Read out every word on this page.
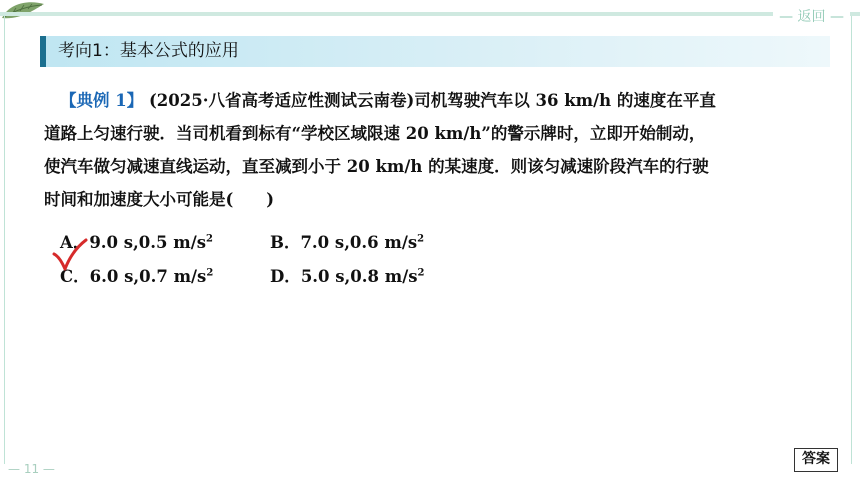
— 返回 —
考向1：基本公式的应用
【典例 1】 (2025·八省高考适应性测试云南卷)司机驾驶汽车以 36 km/h 的速度在平直
道路上匀速行驶．当司机看到标有“学校区域限速 20 km/h”的警示牌时，立即开始制动，
使汽车做匀减速直线运动，直至减到小于 20 km/h 的某速度．则该匀减速阶段汽车的行驶
时间和加速度大小可能是(　　)
A．9.0 s,0.5 $m/s^2$	B．7.0 s,0.6 $m/s^2$
C．6.0 s,0.7 $m/s^2$	D．5.0 s,0.8 $m/s^2$
— 11 —
答案
